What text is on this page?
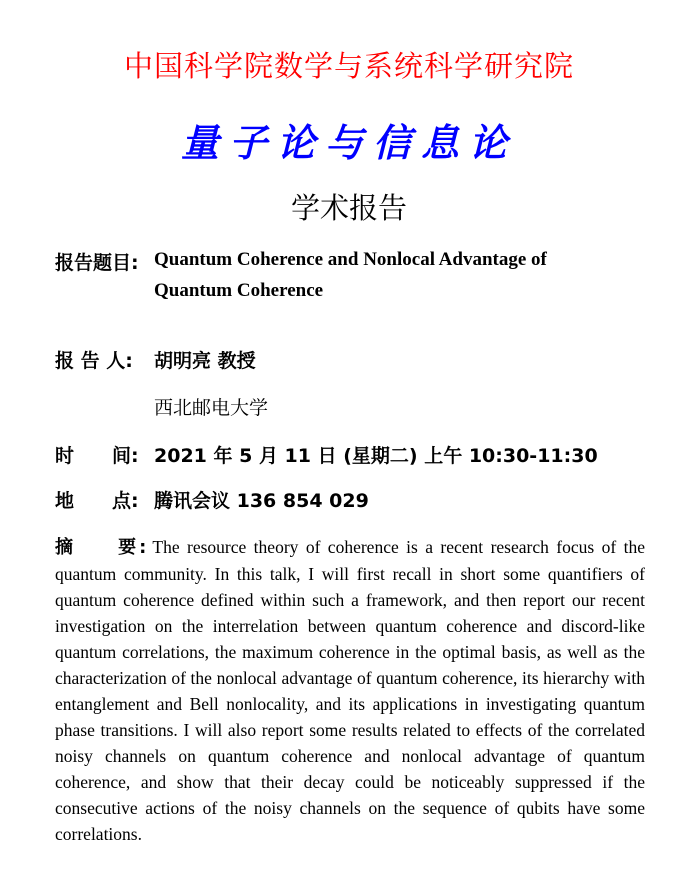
中国科学院数学与系统科学研究院
量子论与信息论
学术报告
报告题目: Quantum Coherence and Nonlocal Advantage of
Quantum Coherence
报 告 人: 胡明亮 教授
西北邮电大学
时　　间: 2021 年 5 月 11 日 (星期二) 上午 10:30-11:30
地　　点: 腾讯会议 136 854 029
摘　　要: The resource theory of coherence is a recent research focus of the quantum community. In this talk, I will first recall in short some quantifiers of quantum coherence defined within such a framework, and then report our recent investigation on the interrelation between quantum coherence and discord-like quantum correlations, the maximum coherence in the optimal basis, as well as the characterization of the nonlocal advantage of quantum coherence, its hierarchy with entanglement and Bell nonlocality, and its applications in investigating quantum phase transitions. I will also report some results related to effects of the correlated noisy channels on quantum coherence and nonlocal advantage of quantum coherence, and show that their decay could be noticeably suppressed if the consecutive actions of the noisy channels on the sequence of qubits have some correlations.
